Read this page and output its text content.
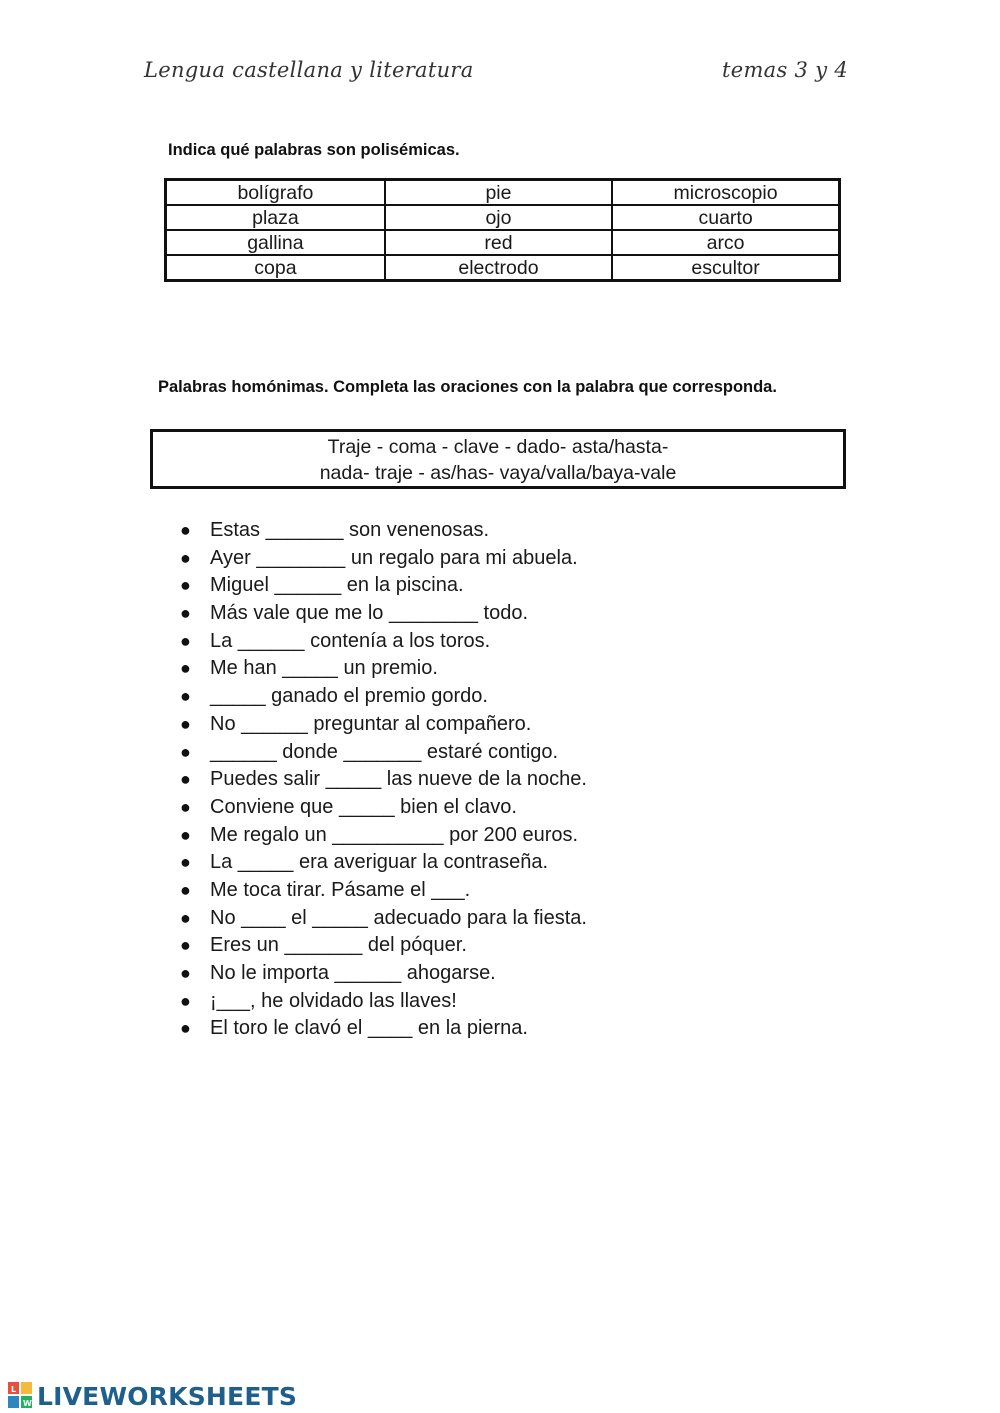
Lengua castellana y literatura	temas 3 y 4
Indica qué palabras son polisémicas.
bolígrafo	pie	microscopio
plaza	ojo	cuarto
gallina	red	arco
copa	electrodo	escultor
Palabras homónimas. Completa las oraciones con la palabra que corresponda.
Traje - coma - clave - dado- asta/hasta-
nada- traje - as/has- vaya/valla/baya-vale
● Estas _______ son venenosas.
● Ayer ________ un regalo para mi abuela.
● Miguel ______ en la piscina.
● Más vale que me lo ________ todo.
● La ______ contenía a los toros.
● Me han _____ un premio.
● _____ ganado el premio gordo.
● No ______ preguntar al compañero.
● ______ donde _______ estaré contigo.
● Puedes salir _____ las nueve de la noche.
● Conviene que _____ bien el clavo.
● Me regalo un __________ por 200 euros.
● La _____ era averiguar la contraseña.
● Me toca tirar. Pásame el ___.
● No ____ el _____ adecuado para la fiesta.
● Eres un _______ del póquer.
● No le importa ______ ahogarse.
● ¡___, he olvidado las llaves!
● El toro le clavó el ____ en la pierna.
L
W LIVEWORKSHEETS
